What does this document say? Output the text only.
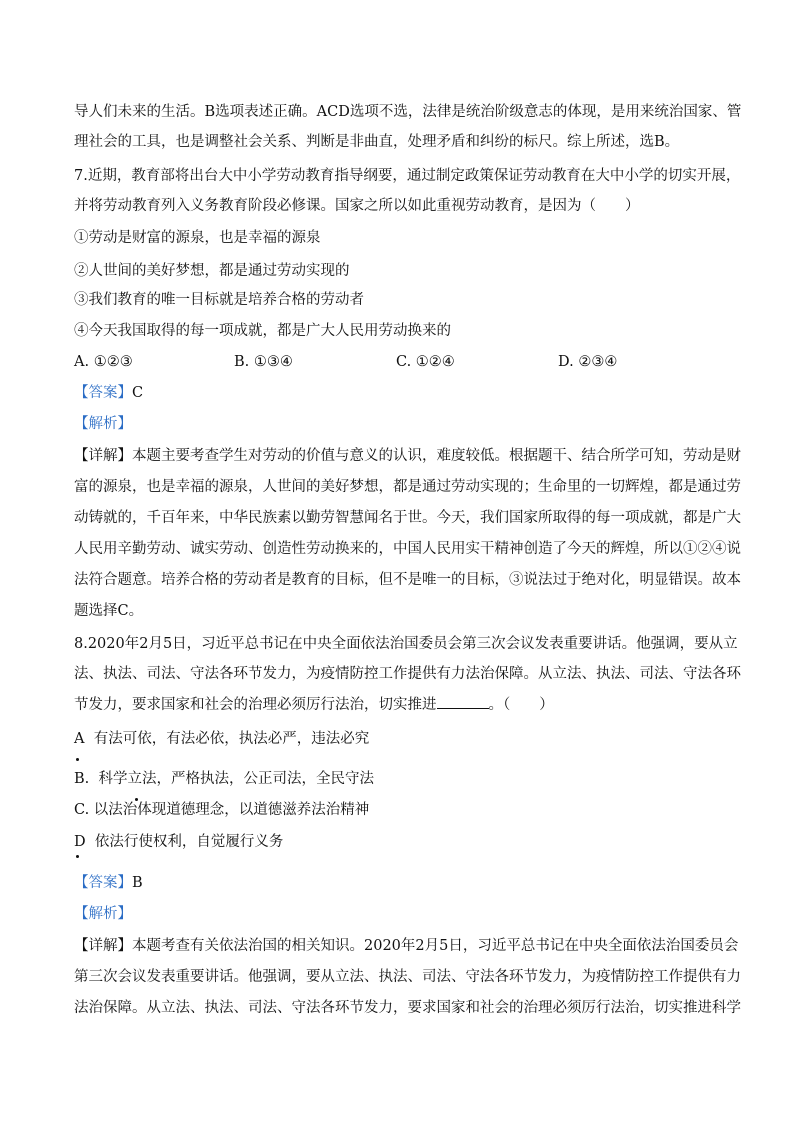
导人们未来的生活。B选项表述正确。ACD选项不选，法律是统治阶级意志的体现，是用来统治国家、管
理社会的工具，也是调整社会关系、判断是非曲直，处理矛盾和纠纷的标尺。综上所述，选B。
7.近期，教育部将出台大中小学劳动教育指导纲要，通过制定政策保证劳动教育在大中小学的切实开展，
并将劳动教育列入义务教育阶段必修课。国家之所以如此重视劳动教育，是因为（　　）
①劳动是财富的源泉，也是幸福的源泉
②人世间的美好梦想，都是通过劳动实现的
③我们教育的唯一目标就是培养合格的劳动者
④今天我国取得的每一项成就，都是广大人民用劳动换来的
A. ①②③	B. ①③④	C. ①②④	D. ②③④
【答案】C
【解析】
【详解】本题主要考查学生对劳动的价值与意义的认识，难度较低。根据题干、结合所学可知，劳动是财
富的源泉，也是幸福的源泉，人世间的美好梦想，都是通过劳动实现的；生命里的一切辉煌，都是通过劳
动铸就的，千百年来，中华民族素以勤劳智慧闻名于世。今天，我们国家所取得的每一项成就，都是广大
人民用辛勤劳动、诚实劳动、创造性劳动换来的，中国人民用实干精神创造了今天的辉煌，所以①②④说
法符合题意。培养合格的劳动者是教育的目标，但不是唯一的目标，③说法过于绝对化，明显错误。故本
题选择C。
8.2020年2月5日，习近平总书记在中央全面依法治国委员会第三次会议发表重要讲话。他强调，要从立
法、执法、司法、守法各环节发力，为疫情防控工作提供有力法治保障。从立法、执法、司法、守法各环
节发力，要求国家和社会的治理必须厉行法治，切实推进	。（　　）
A 有法可依，有法必依，执法必严，违法必究
B. 科学立法，严格执法，公正司法，全民守法
C. 以法治体现道德理念，以道德滋养法治精神
D 依法行使权利，自觉履行义务
【答案】B
【解析】
【详解】本题考查有关依法治国的相关知识。2020年2月5日，习近平总书记在中央全面依法治国委员会
第三次会议发表重要讲话。他强调，要从立法、执法、司法、守法各环节发力，为疫情防控工作提供有力
法治保障。从立法、执法、司法、守法各环节发力，要求国家和社会的治理必须厉行法治，切实推进科学
